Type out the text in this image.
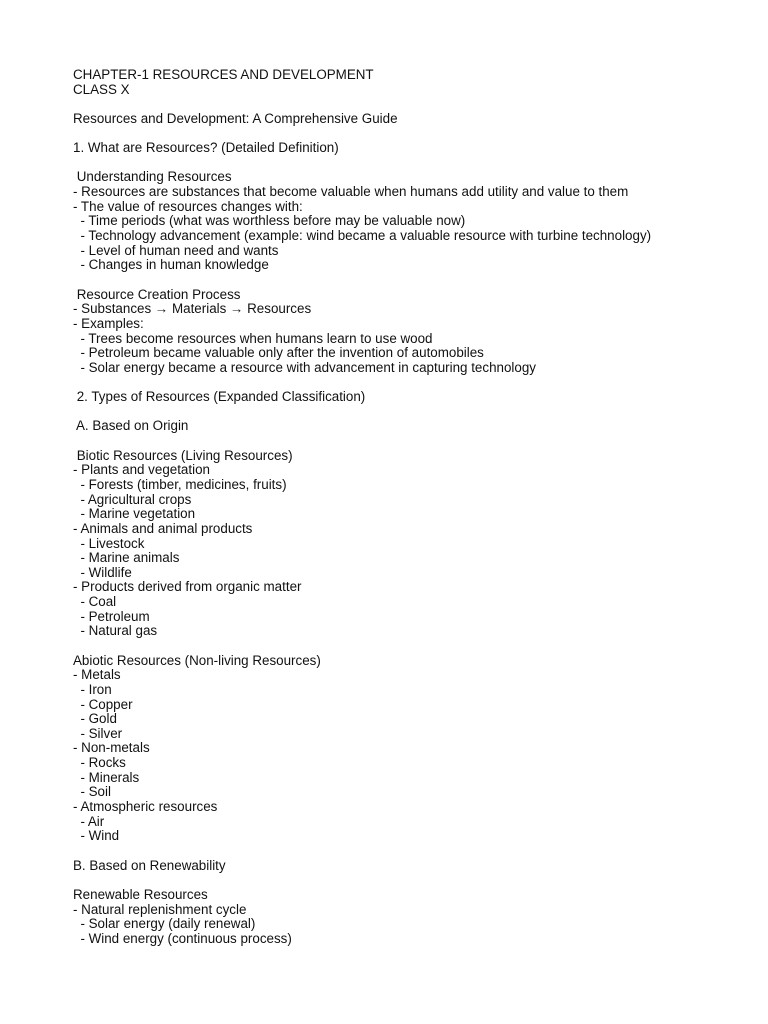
CHAPTER-1 RESOURCES AND DEVELOPMENT

CLASS X

Resources and Development: A Comprehensive Guide

1. What are Resources? (Detailed Definition)

Understanding Resources

- Resources are substances that become valuable when humans add utility and value to them

- The value of resources changes with:

- Time periods (what was worthless before may be valuable now)

- Technology advancement (example: wind became a valuable resource with turbine technology)

- Level of human need and wants

- Changes in human knowledge

Resource Creation Process

- Substances → Materials → Resources

- Examples:

- Trees become resources when humans learn to use wood

- Petroleum became valuable only after the invention of automobiles

- Solar energy became a resource with advancement in capturing technology

2. Types of Resources (Expanded Classification)

A. Based on Origin

Biotic Resources (Living Resources)

- Plants and vegetation

- Forests (timber, medicines, fruits)

- Agricultural crops

- Marine vegetation

- Animals and animal products

- Livestock

- Marine animals

- Wildlife

- Products derived from organic matter

- Coal

- Petroleum

- Natural gas

Abiotic Resources (Non-living Resources)

- Metals

- Iron

- Copper

- Gold

- Silver

- Non-metals

- Rocks

- Minerals

- Soil

- Atmospheric resources

- Air

- Wind

B. Based on Renewability

Renewable Resources

- Natural replenishment cycle

- Solar energy (daily renewal)

- Wind energy (continuous process)
